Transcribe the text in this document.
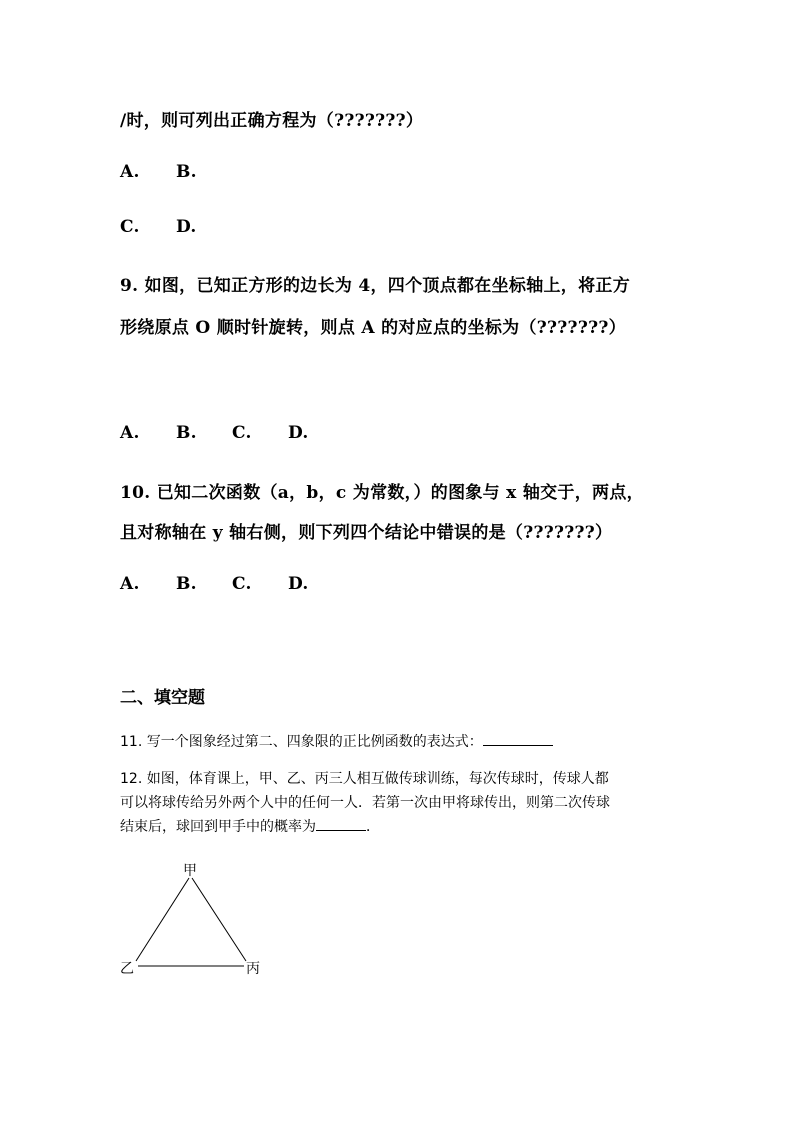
/时，则可列出正确方程为（???????）
A. B.
C. D.
9. 如图，已知正方形的边长为 4，四个顶点都在坐标轴上，将正方
形绕原点 O 顺时针旋转，则点 A 的对应点的坐标为（???????）
A. B. C. D.
10. 已知二次函数（a，b，c 为常数，）的图象与 x 轴交于，两点，
且对称轴在 y 轴右侧，则下列四个结论中错误的是（???????）
A. B. C. D.
二、填空题
11. 写一个图象经过第二、四象限的正比例函数的表达式：
12. 如图，体育课上，甲、乙、丙三人相互做传球训练，每次传球时，传球人都
可以将球传给另外两个人中的任何一人．若第一次由甲将球传出，则第二次传球
结束后，球回到甲手中的概率为	．
甲
乙	丙
